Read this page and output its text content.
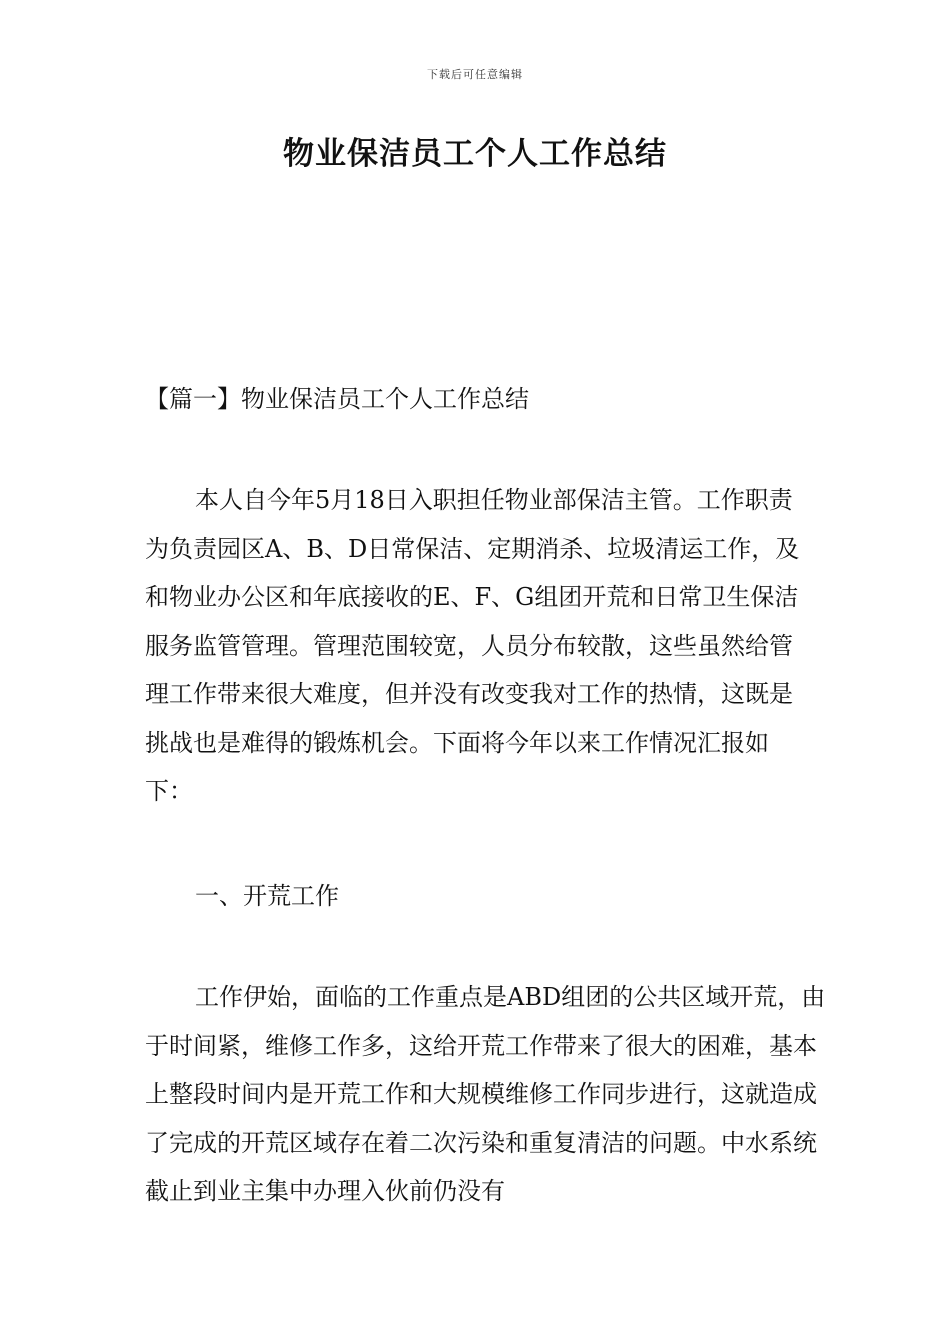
下载后可任意编辑
物业保洁员工个人工作总结

【篇一】物业保洁员工个人工作总结

本人自今年5月18日入职担任物业部保洁主管。工作职责为负责园区A、B、D日常保洁、定期消杀、垃圾清运工作，及和物业办公区和年底接收的E、F、G组团开荒和日常卫生保洁服务监管管理。管理范围较宽，人员分布较散，这些虽然给管理工作带来很大难度，但并没有改变我对工作的热情，这既是挑战也是难得的锻炼机会。下面将今年以来工作情况汇报如下：

一、开荒工作

工作伊始，面临的工作重点是ABD组团的公共区域开荒，由于时间紧，维修工作多，这给开荒工作带来了很大的困难，基本上整段时间内是开荒工作和大规模维修工作同步进行，这就造成了完成的开荒区域存在着二次污染和重复清洁的问题。中水系统截止到业主集中办理入伙前仍没有
